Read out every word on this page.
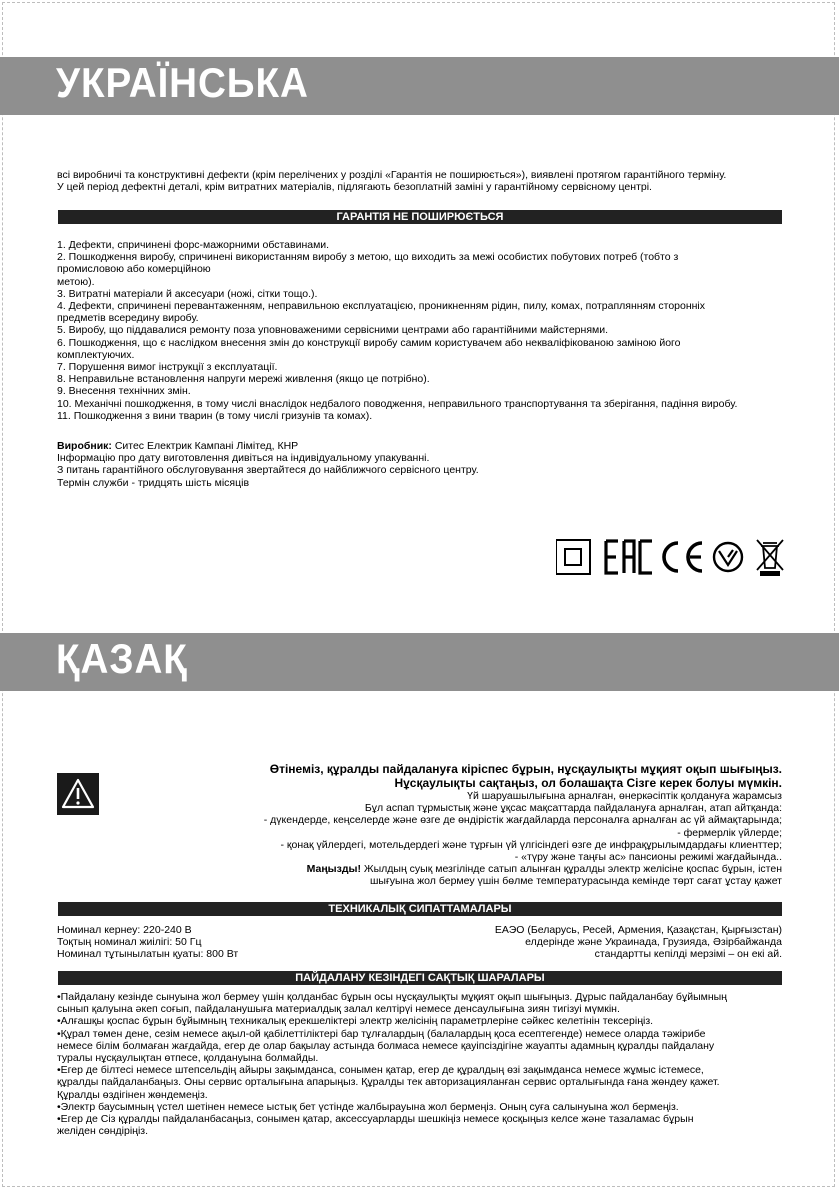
УКРАЇНСЬКА
всі виробничі та конструктивні дефекти (крім перелічених у розділі «Гарантія не поширюється»), виявлені протягом гарантійного терміну.
У цей період дефектні деталі, крім витратних матеріалів, підлягають безоплатній заміні у гарантійному сервісному центрі.
ГАРАНТІЯ НЕ ПОШИРЮЄТЬСЯ
1. Дефекти, спричинені форс-мажорними обставинами.
2. Пошкодження виробу, спричинені використанням виробу з метою, що виходить за межі особистих побутових потреб (тобто з
промисловою або комерційною
метою).
3. Витратні матеріали й аксесуари (ножі, сітки тощо.).
4. Дефекти, спричинені перевантаженням, неправильною експлуатацією, проникненням рідин, пилу, комах, потраплянням сторонніх
предметів всередину виробу.
5. Виробу, що піддавалися ремонту поза уповноваженими сервісними центрами або гарантійними майстернями.
6. Пошкодження, що є наслідком внесення змін до конструкції виробу самим користувачем або некваліфікованою заміною його
комплектуючих.
7. Порушення вимог інструкції з експлуатації.
8. Неправильне встановлення напруги мережі живлення (якщо це потрібно).
9. Внесення технічних змін.
10. Механічні пошкодження, в тому числі внаслідок недбалого поводження, неправильного транспортування та зберігання, падіння виробу.
11. Пошкодження з вини тварин (в тому числі гризунів та комах).
Виробник: Ситес Електрик Кампані Лімітед, КНР
Інформацію про дату виготовлення дивіться на індивідуальному упакуванні.
З питань гарантійного обслуговування звертайтеся до найближчого сервісного центру.
Термін служби - тридцять шість місяців
ҚАЗАҚ
Өтінеміз, құралды пайдалануға кіріспес бұрын, нұсқаулықты мұқият оқып шығыңыз.
Нұсқаулықты сақтаңыз, ол болашақта Сізге керек болуы мүмкін.
Үй шаруашылығына арналған, өнеркәсіптік қолдануға жарамсыз
Бұл аспап тұрмыстық және ұқсас мақсаттарда пайдалануға арналған, атап айтқанда:
- дүкендерде, кеңселерде және өзге де өндірістік жағдайларда персоналға арналған ас үй аймақтарында;
- фермерлік үйлерде;
- қонақ үйлердегі, мотельдердегі және тұрғын үй үлгісіндегі өзге де инфрақұрылымдардағы клиенттер;
- «түру және таңғы ас» пансионы режимі жағдайында..
Маңызды! Жылдың суық мезгілінде сатып алынған құралды электр желісіне қоспас бұрын, істен
шығуына жол бермеу үшін бөлме температурасында кемінде төрт сағат ұстау қажет
ТЕХНИКАЛЫҚ СИПАТТАМАЛАРЫ
Номинал кернеу: 220-240 В
Тоқтың номинал жиілігі: 50 Гц
Номинал тұтынылатын қуаты: 800 Вт
ЕАЭО (Беларусь, Ресей, Армения, Қазақстан, Қырғызстан)
елдерінде және Украинада, Грузияда, Әзірбайжанда
стандартты кепілді мерзімі – он екі ай.
ПАЙДАЛАНУ КЕЗІНДЕГІ САҚТЫҚ ШАРАЛАРЫ
•Пайдалану кезінде сынуына жол бермеу үшін қолданбас бұрын осы нұсқаулықты мұқият оқып шығыңыз. Дұрыс пайдаланбау бұйымның
сынып қалуына әкеп соғып, пайдаланушыға материалдық залал келтірүі немесе денсаулығына зиян тигізуі мүмкін.
•Алғашқы қоспас бұрын бұйымның техникалық ерекшеліктері электр желісінің параметрлеріне сәйкес келетінін тексеріңіз.
•Құрал төмен дене, сезім немесе ақыл-ой қабілеттіліктері бар тұлғалардың (балалардың қоса есептегенде) немесе оларда тәжірибе
немесе білім болмаған жағдайда, егер де олар бақылау астында болмаса немесе қауіпсіздігіне жауапты адамның құралды пайдалану
туралы нұсқаулықтан өтпесе, қолдануына болмайды.
•Егер де білтесі немесе штепсельдің айыры зақымданса, сонымен қатар, егер де құралдың өзі зақымданса немесе жұмыс істемесе,
құралды пайдаланбаңыз. Оны сервис орталығына апарыңыз. Құралды тек авторизацияланған сервис орталығында ғана жөндеу қажет.
Құралды өздігінен жөндемеңіз.
•Электр баусымның үстел шетінен немесе ыстық бет үстінде жалбырауына жол бермеңіз. Оның суға салынуына жол бермеңіз.
•Егер де Сіз құралды пайдаланбасаңыз, сонымен қатар, аксессуарларды шешкіңіз немесе қосқыңыз келсе және тазаламас бұрын
желіден сөндіріңіз.
